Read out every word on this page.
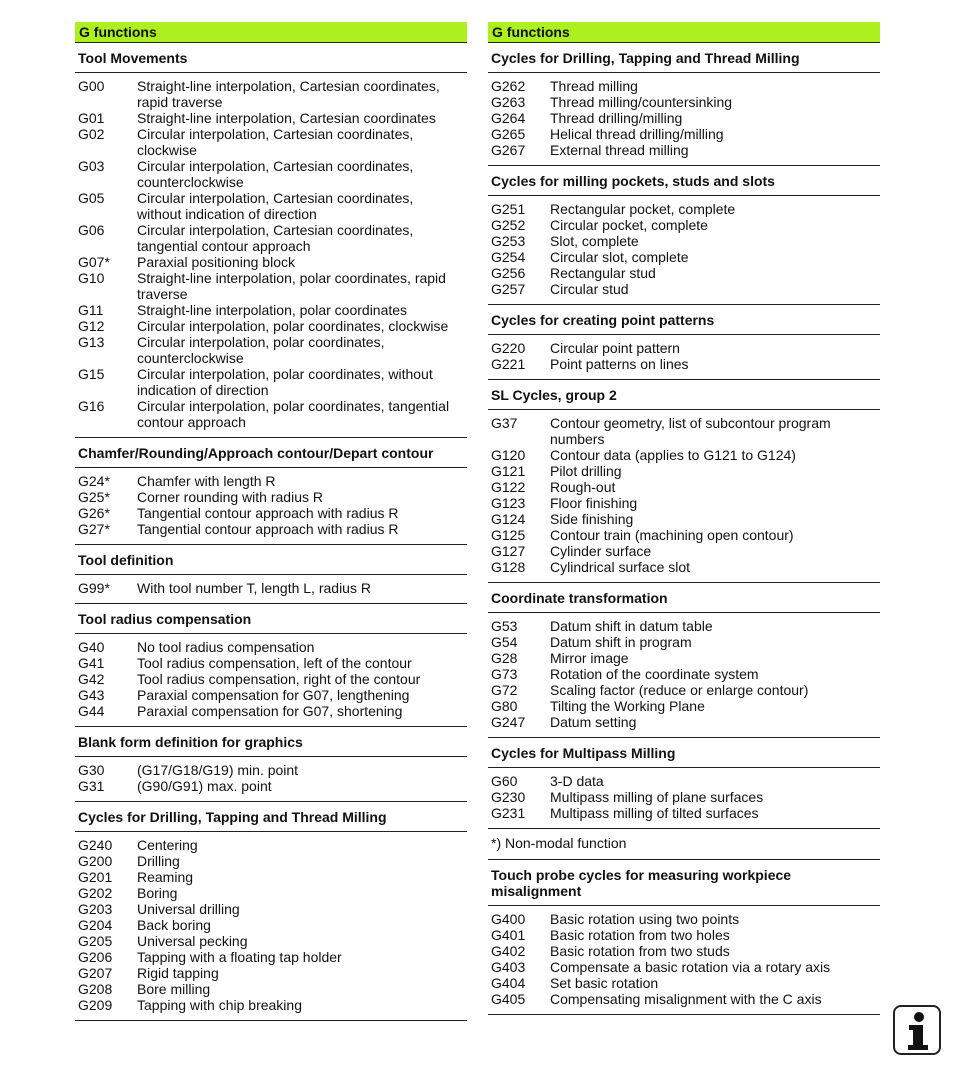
G functions
Tool Movements
G00	Straight-line interpolation, Cartesian coordinates, rapid traverse
G01	Straight-line interpolation, Cartesian coordinates
G02	Circular interpolation, Cartesian coordinates, clockwise
G03	Circular interpolation, Cartesian coordinates, counterclockwise
G05	Circular interpolation, Cartesian coordinates, without indication of direction
G06	Circular interpolation, Cartesian coordinates, tangential contour approach
G07*	Paraxial positioning block
G10	Straight-line interpolation, polar coordinates, rapid traverse
G11	Straight-line interpolation, polar coordinates
G12	Circular interpolation, polar coordinates, clockwise
G13	Circular interpolation, polar coordinates, counterclockwise
G15	Circular interpolation, polar coordinates, without indication of direction
G16	Circular interpolation, polar coordinates, tangential contour approach
Chamfer/Rounding/Approach contour/Depart contour
G24*	Chamfer with length R
G25*	Corner rounding with radius R
G26*	Tangential contour approach with radius R
G27*	Tangential contour approach with radius R
Tool definition
G99*	With tool number T, length L, radius R
Tool radius compensation
G40	No tool radius compensation
G41	Tool radius compensation, left of the contour
G42	Tool radius compensation, right of the contour
G43	Paraxial compensation for G07, lengthening
G44	Paraxial compensation for G07, shortening
Blank form definition for graphics
G30	(G17/G18/G19) min. point
G31	(G90/G91) max. point
Cycles for Drilling, Tapping and Thread Milling
G240	Centering
G200	Drilling
G201	Reaming
G202	Boring
G203	Universal drilling
G204	Back boring
G205	Universal pecking
G206	Tapping with a floating tap holder
G207	Rigid tapping
G208	Bore milling
G209	Tapping with chip breaking
G functions
Cycles for Drilling, Tapping and Thread Milling
G262	Thread milling
G263	Thread milling/countersinking
G264	Thread drilling/milling
G265	Helical thread drilling/milling
G267	External thread milling
Cycles for milling pockets, studs and slots
G251	Rectangular pocket, complete
G252	Circular pocket, complete
G253	Slot, complete
G254	Circular slot, complete
G256	Rectangular stud
G257	Circular stud
Cycles for creating point patterns
G220	Circular point pattern
G221	Point patterns on lines
SL Cycles, group 2
G37	Contour geometry, list of subcontour program numbers
G120	Contour data (applies to G121 to G124)
G121	Pilot drilling
G122	Rough-out
G123	Floor finishing
G124	Side finishing
G125	Contour train (machining open contour)
G127	Cylinder surface
G128	Cylindrical surface slot
Coordinate transformation
G53	Datum shift in datum table
G54	Datum shift in program
G28	Mirror image
G73	Rotation of the coordinate system
G72	Scaling factor (reduce or enlarge contour)
G80	Tilting the Working Plane
G247	Datum setting
Cycles for Multipass Milling
G60	3-D data
G230	Multipass milling of plane surfaces
G231	Multipass milling of tilted surfaces
*) Non-modal function
Touch probe cycles for measuring workpiece misalignment
G400	Basic rotation using two points
G401	Basic rotation from two holes
G402	Basic rotation from two studs
G403	Compensate a basic rotation via a rotary axis
G404	Set basic rotation
G405	Compensating misalignment with the C axis
